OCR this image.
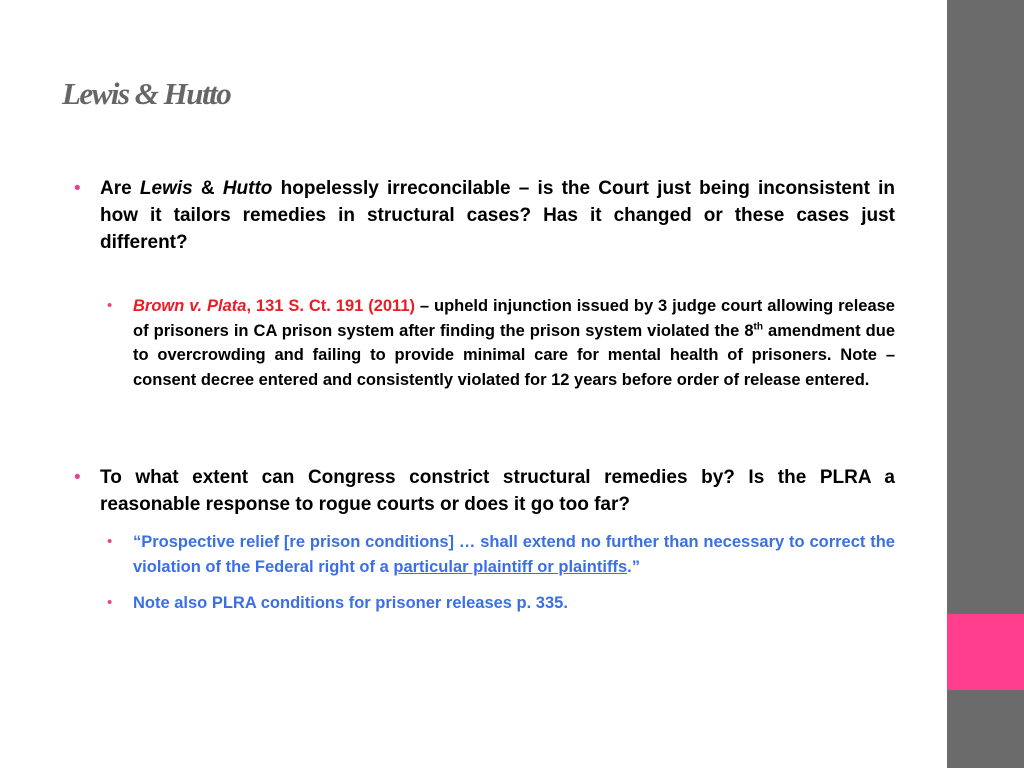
Lewis & Hutto
• Are Lewis & Hutto hopelessly irreconcilable – is the Court just being inconsistent in how it tailors remedies in structural cases? Has it changed or these cases just different?
• Brown v. Plata, 131 S. Ct. 191 (2011) – upheld injunction issued by 3 judge court allowing release of prisoners in CA prison system after finding the prison system violated the 8th amendment due to overcrowding and failing to provide minimal care for mental health of prisoners. Note – consent decree entered and consistently violated for 12 years before order of release entered.
• To what extent can Congress constrict structural remedies by? Is the PLRA a reasonable response to rogue courts or does it go too far?
• “Prospective relief [re prison conditions] … shall extend no further than necessary to correct the violation of the Federal right of a particular plaintiff or plaintiffs.”
• Note also PLRA conditions for prisoner releases p. 335.
